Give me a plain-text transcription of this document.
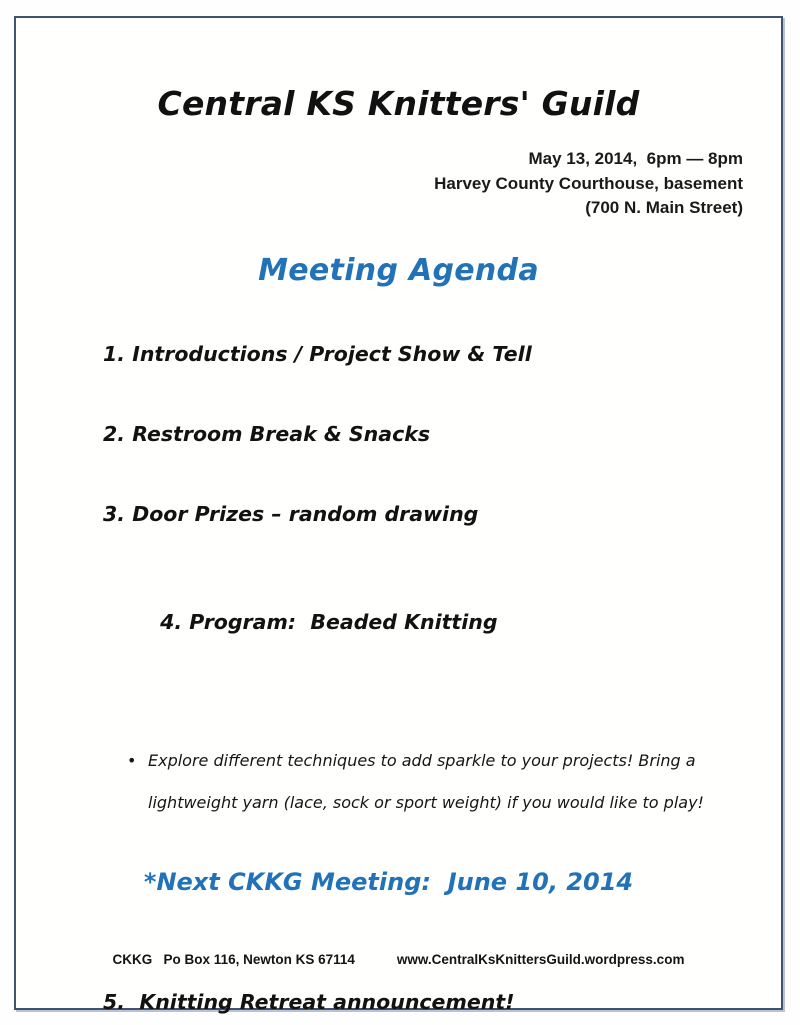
Central KS Knitters' Guild
May 13, 2014,  6pm — 8pm
Harvey County Courthouse, basement
(700 N. Main Street)
Meeting Agenda
1. Introductions / Project Show & Tell
2. Restroom Break & Snacks
3. Door Prizes – random drawing

4. Program:  Beaded Knitting

• Explore different techniques to add sparkle to your projects! Bring a lightweight yarn (lace, sock or sport weight) if you would like to play!

5.  Knitting Retreat announcement!
*Next CKKG Meeting:  June 10, 2014
CKKG   Po Box 116, Newton KS 67114	www.CentralKsKnittersGuild.wordpress.com
